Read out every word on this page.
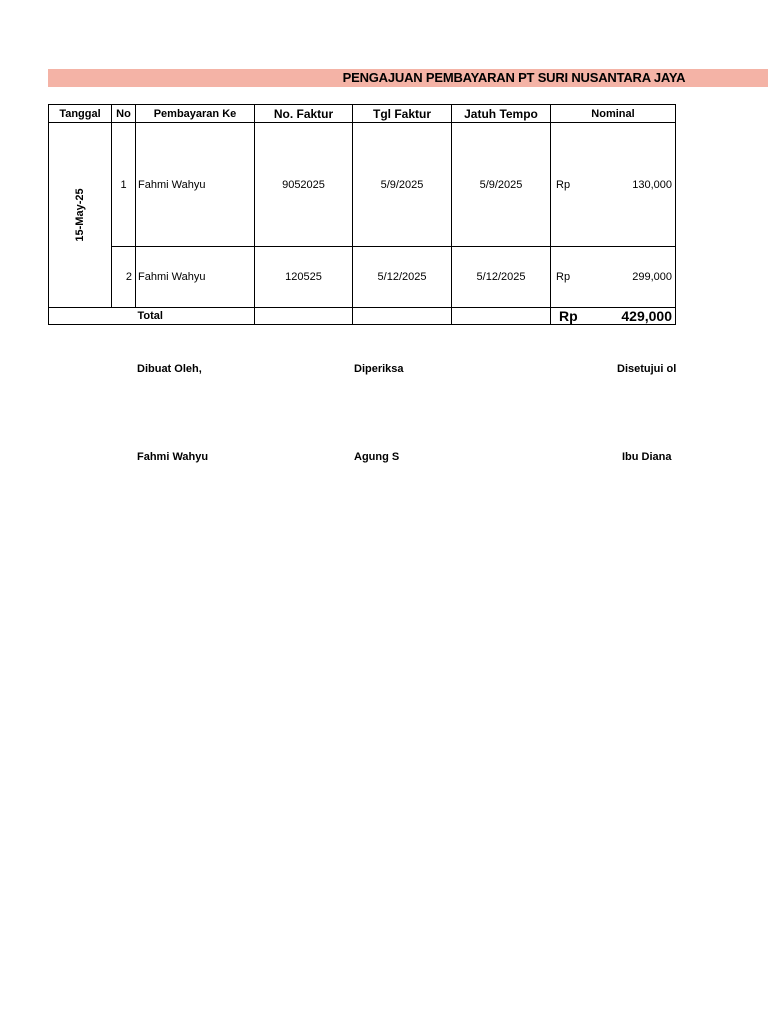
PENGAJUAN PEMBAYARAN PT SURI NUSANTARA JAYA
Tanggal	No	Pembayaran Ke	No. Faktur	Tgl Faktur	Jatuh Tempo	Nominal

15-May-25	1	Fahmi Wahyu	9052025	5/9/2025	5/9/2025	Rp 130,000

	2	Fahmi Wahyu	120525	5/12/2025	5/12/2025	Rp 299,000

		Total				Rp 429,000
Dibuat Oleh,	Diperiksa	Disetujui ol
Fahmi Wahyu	Agung S	Ibu Diana
